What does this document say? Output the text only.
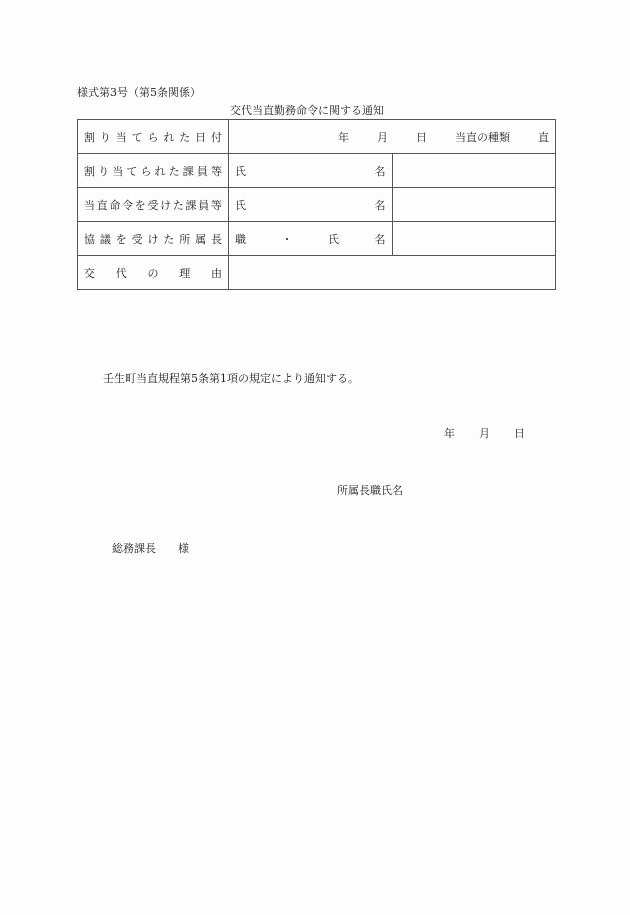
様式第3号（第5条関係）
交代当直勤務命令に関する通知
割 り 当 て ら れ た 日 付	年	月	日	当直の種類	直

割 り 当 て ら れ た 課 員 等	氏	名

当 直 命 令 を 受 け た 課 員 等	氏	名

協 議 を 受 け た 所 属 長	職	・	氏	名

交 代 の 理 由		

壬生町当直規程第5条第1項の規定により通知する。
年 月 日
所属長職氏名
総務課長　　様
